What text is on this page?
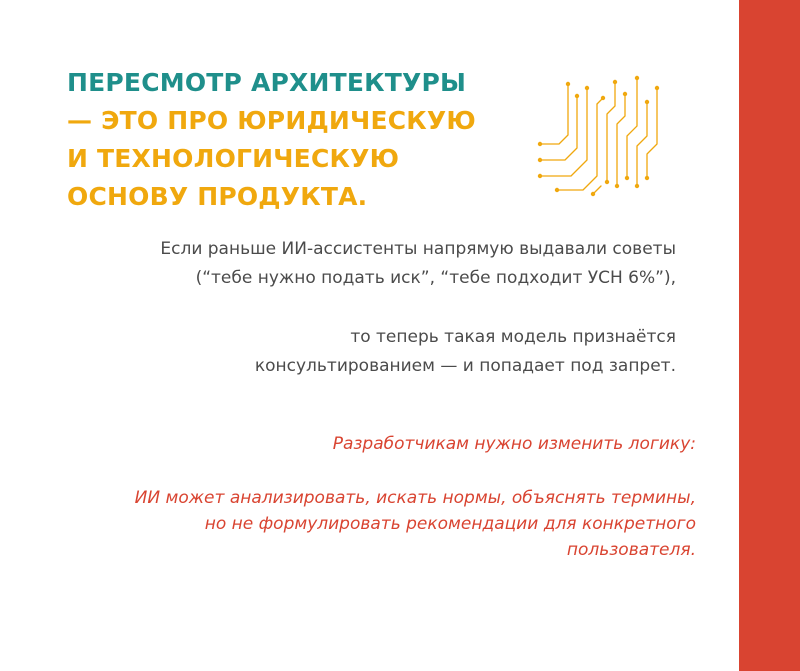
ПЕРЕСМОТР АРХИТЕКТУРЫ
— ЭТО ПРО ЮРИДИЧЕСКУЮ
И ТЕХНОЛОГИЧЕСКУЮ
ОСНОВУ ПРОДУКТА.
Если раньше ИИ-ассистенты напрямую выдавали советы
(“тебе нужно подать иск”, “тебе подходит УСН 6%”),
то теперь такая модель признаётся
консультированием — и попадает под запрет.
Разработчикам нужно изменить логику:
ИИ может анализировать, искать нормы, объяснять термины,
но не формулировать рекомендации для конкретного
пользователя.
